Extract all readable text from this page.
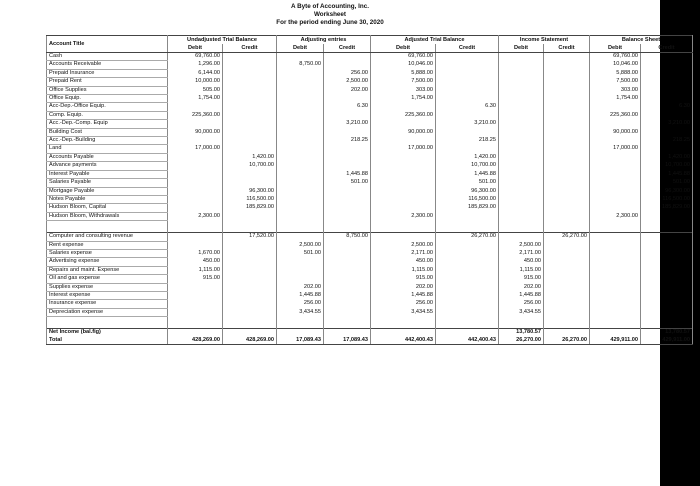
A Byte of Accounting, Inc.
Worksheet
For the period ending June 30, 2020
Account Title	Undadjusted Trial Balance		Adjusting entries		Adjusted Trial Balance		Income Statement		Balance Sheet	
	Debit	Credit	Debit	Credit	Debit	Credit	Debit	Credit	Debit	Credit
Cash	69,760.00				69,760.00				69,760.00	
Accounts Receivable	1,296.00		8,750.00		10,046.00				10,046.00	
Prepaid Insurance	6,144.00			256.00	5,888.00				5,888.00	
Prepaid Rent	10,000.00			2,500.00	7,500.00				7,500.00	
Office Supplies	505.00			202.00	303.00				303.00	
Office Equip.	1,754.00				1,754.00				1,754.00	
Acc-Dep.-Office Equip.				6.30		6.30				6.30
Comp. Equip.	225,360.00				225,360.00				225,360.00	
Acc.-Dep.-Comp. Equip				3,210.00		3,210.00				3,210.00
Building Cost	90,000.00				90,000.00				90,000.00	
Acc.-Dep.-Building				218.25		218.25				218.25
Land	17,000.00				17,000.00				17,000.00	
Accounts Payable		1,420.00				1,420.00				1,420.00
Advance payments		10,700.00				10,700.00				10,700.00
Interest Payable				1,445.88		1,445.88				1,445.88
Salaries Payable				501.00		501.00				501.00
Mortgage Payable		96,300.00				96,300.00				96,300.00
Notes Payable		116,500.00				116,500.00				116,500.00
Hudson Bloom, Capital		185,829.00				185,829.00				185,829.00
Hudson Bloom, Withdrawals	2,300.00				2,300.00				2,300.00	

Computer and consulting revenue		17,520.00		8,750.00		26,270.00		26,270.00		
Rent expense			2,500.00		2,500.00		2,500.00			
Salaries expense	1,670.00		501.00		2,171.00		2,171.00			
Advertising expense	450.00				450.00		450.00			
Repairs and maint. Expense	1,115.00				1,115.00		1,115.00			
Oil and gas expense	915.00				915.00		915.00			
Supplies expense			202.00		202.00		202.00			
Interest expense			1,445.88		1,445.88		1,445.88			
Insurance expense			256.00		256.00		256.00			
Depreciation expense			3,434.55		3,434.55		3,434.55			

Net Income (bal.fig)							13,780.57			13,780.57
Total	428,269.00	428,269.00	17,089.43	17,089.43	442,400.43	442,400.43	26,270.00	26,270.00	429,911.00	429,911.00
